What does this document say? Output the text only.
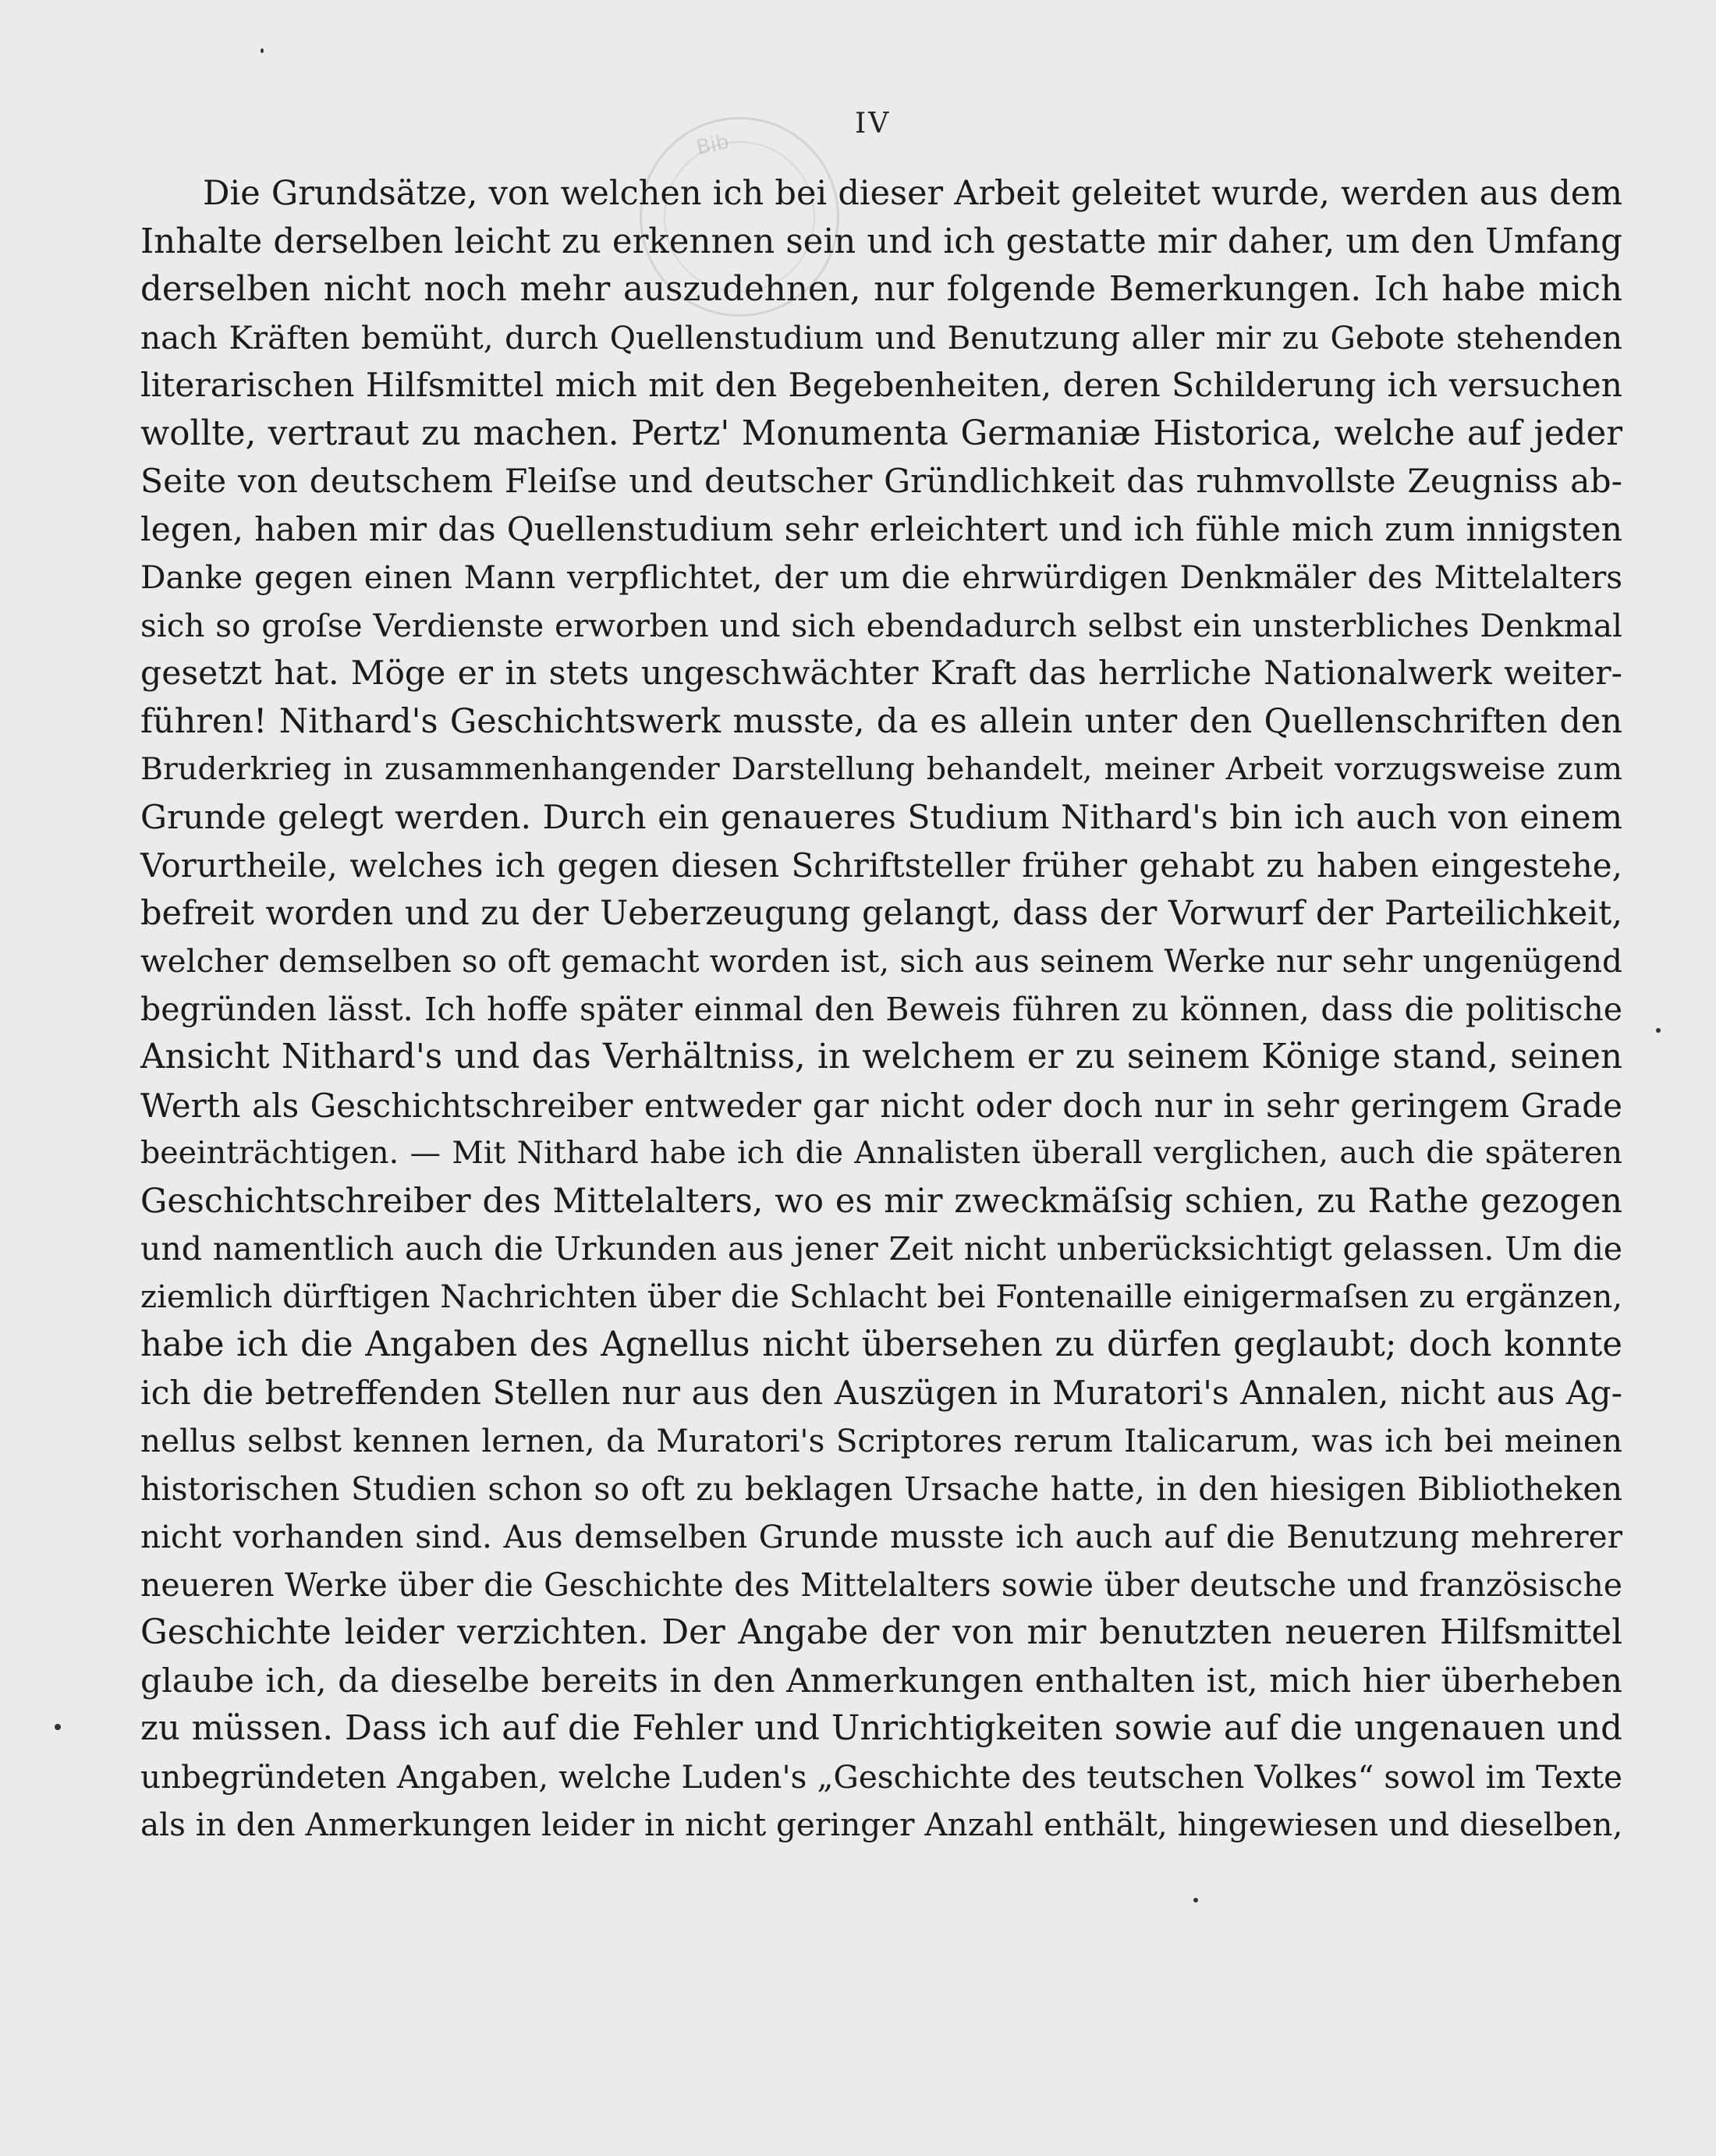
Bib
IV
Die Grundsätze, von welchen ich bei dieser Arbeit geleitet wurde, werden aus dem
Inhalte derselben leicht zu erkennen sein und ich gestatte mir daher, um den Umfang
derselben nicht noch mehr auszudehnen, nur folgende Bemerkungen. Ich habe mich
nach Kräften bemüht, durch Quellenstudium und Benutzung aller mir zu Gebote stehenden
literarischen Hilfsmittel mich mit den Begebenheiten, deren Schilderung ich versuchen
wollte, vertraut zu machen. Pertz' Monumenta Germaniæ Historica, welche auf jeder
Seite von deutschem Fleiſse und deutscher Gründlichkeit das ruhmvollste Zeugniss ab-
legen, haben mir das Quellenstudium sehr erleichtert und ich fühle mich zum innigsten
Danke gegen einen Mann verpflichtet, der um die ehrwürdigen Denkmäler des Mittelalters
sich so groſse Verdienste erworben und sich ebendadurch selbst ein unsterbliches Denkmal
gesetzt hat. Möge er in stets ungeschwächter Kraft das herrliche Nationalwerk weiter-
führen! Nithard's Geschichtswerk musste, da es allein unter den Quellenschriften den
Bruderkrieg in zusammenhangender Darstellung behandelt, meiner Arbeit vorzugsweise zum
Grunde gelegt werden. Durch ein genaueres Studium Nithard's bin ich auch von einem
Vorurtheile, welches ich gegen diesen Schriftsteller früher gehabt zu haben eingestehe,
befreit worden und zu der Ueberzeugung gelangt, dass der Vorwurf der Parteilichkeit,
welcher demselben so oft gemacht worden ist, sich aus seinem Werke nur sehr ungenügend
begründen lässt. Ich hoffe später einmal den Beweis führen zu können, dass die politische
Ansicht Nithard's und das Verhältniss, in welchem er zu seinem Könige stand, seinen
Werth als Geschichtschreiber entweder gar nicht oder doch nur in sehr geringem Grade
beeinträchtigen. — Mit Nithard habe ich die Annalisten überall verglichen, auch die späteren
Geschichtschreiber des Mittelalters, wo es mir zweckmäſsig schien, zu Rathe gezogen
und namentlich auch die Urkunden aus jener Zeit nicht unberücksichtigt gelassen. Um die
ziemlich dürftigen Nachrichten über die Schlacht bei Fontenaille einigermaſsen zu ergänzen,
habe ich die Angaben des Agnellus nicht übersehen zu dürfen geglaubt; doch konnte
ich die betreffenden Stellen nur aus den Auszügen in Muratori's Annalen, nicht aus Ag-
nellus selbst kennen lernen, da Muratori's Scriptores rerum Italicarum, was ich bei meinen
historischen Studien schon so oft zu beklagen Ursache hatte, in den hiesigen Bibliotheken
nicht vorhanden sind. Aus demselben Grunde musste ich auch auf die Benutzung mehrerer
neueren Werke über die Geschichte des Mittelalters sowie über deutsche und französische
Geschichte leider verzichten. Der Angabe der von mir benutzten neueren Hilfsmittel
glaube ich, da dieselbe bereits in den Anmerkungen enthalten ist, mich hier überheben
zu müssen. Dass ich auf die Fehler und Unrichtigkeiten sowie auf die ungenauen und
unbegründeten Angaben, welche Luden's „Geschichte des teutschen Volkes“ sowol im Texte
als in den Anmerkungen leider in nicht geringer Anzahl enthält, hingewiesen und dieselben,
